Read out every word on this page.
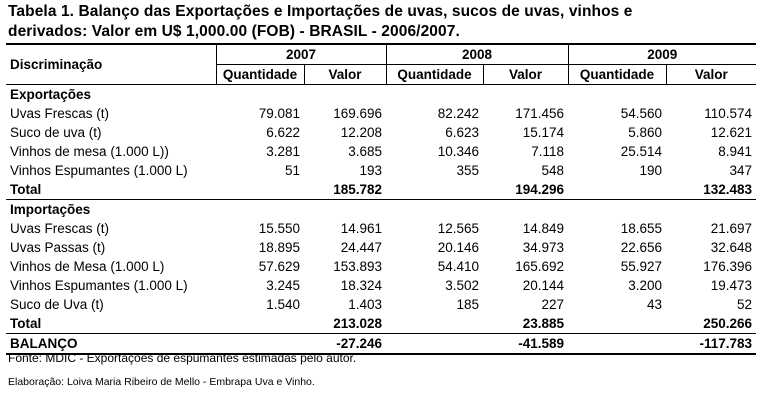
Tabela 1. Balanço das Exportações e Importações de uvas, sucos de uvas, vinhos e
derivados: Valor em U$ 1,000.00 (FOB) - BRASIL - 2006/2007.
Discriminação	2007		2008		2009	
	Quantidade	Valor	Quantidade	Valor	Quantidade	Valor
Exportações						
Uvas Frescas (t)	79.081	169.696	82.242	171.456	54.560	110.574
Suco de uva (t)	6.622	12.208	6.623	15.174	5.860	12.621
Vinhos de mesa (1.000 L))	3.281	3.685	10.346	7.118	25.514	8.941
Vinhos Espumantes (1.000 L)	51	193	355	548	190	347
Total		185.782		194.296		132.483
Importações						
Uvas Frescas (t)	15.550	14.961	12.565	14.849	18.655	21.697
Uvas Passas (t)	18.895	24.447	20.146	34.973	22.656	32.648
Vinhos de Mesa (1.000 L)	57.629	153.893	54.410	165.692	55.927	176.396
Vinhos Espumantes (1.000 L)	3.245	18.324	3.502	20.144	3.200	19.473
Suco de Uva (t)	1.540	1.403	185	227	43	52
Total		213.028		23.885		250.266
BALANÇO		-27.246		-41.589		-117.783
Fonte: MDIC - Exportações de espumantes estimadas pelo autor.
Elaboração: Loiva Maria Ribeiro de Mello - Embrapa Uva e Vinho.
